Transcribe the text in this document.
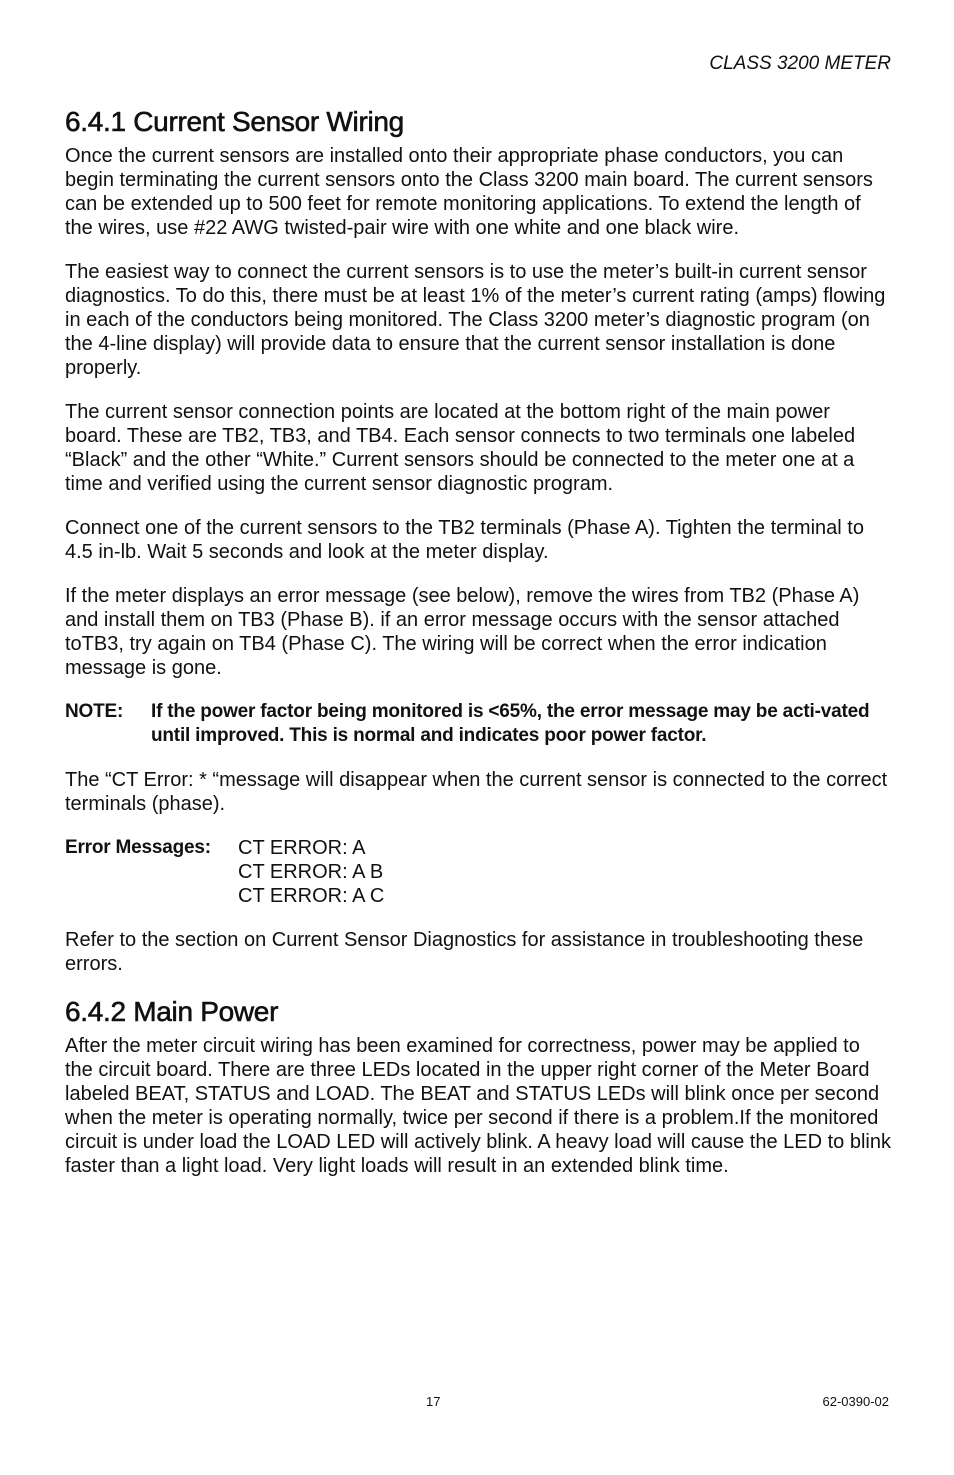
CLASS 3200 METER
6.4.1 Current Sensor Wiring

Once the current sensors are installed onto their appropriate phase conductors, you can begin terminating the current sensors onto the Class 3200 main board. The current sensors can be extended up to 500 feet for remote monitoring applications. To extend the length of the wires, use #22 AWG twisted-pair wire with one white and one black wire.

The easiest way to connect the current sensors is to use the meter’s built-in current sensor diagnostics. To do this, there must be at least 1% of the meter’s current rating (amps) flowing in each of the conductors being monitored. The Class 3200 meter’s diagnostic program (on the 4-line display) will provide data to ensure that the current sensor installation is done properly.

The current sensor connection points are located at the bottom right of the main power board. These are TB2, TB3, and TB4. Each sensor connects to two terminals one labeled “Black” and the other “White.” Current sensors should be connected to the meter one at a time and verified using the current sensor diagnostic program.

Connect one of the current sensors to the TB2 terminals (Phase A). Tighten the terminal to 4.5 in-lb. Wait 5 seconds and look at the meter display.

If the meter displays an error message (see below), remove the wires from TB2 (Phase A) and install them on TB3 (Phase B). if an error message occurs with the sensor attached toTB3, try again on TB4 (Phase C). The wiring will be correct when the error indication message is gone.

NOTE:	If the power factor being monitored is <65%, the error message may be acti-vated until improved. This is normal and indicates poor power factor.

The “CT Error: * “message will disappear when the current sensor is connected to the correct terminals (phase).

Error Messages:	CT ERROR: A
CT ERROR: A B
CT ERROR: A C

Refer to the section on Current Sensor Diagnostics for assistance in troubleshooting these errors.

6.4.2 Main Power

After the meter circuit wiring has been examined for correctness, power may be applied to the circuit board. There are three LEDs located in the upper right corner of the Meter Board labeled BEAT, STATUS and LOAD. The BEAT and STATUS LEDs will blink once per second when the meter is operating normally, twice per second if there is a problem.If the monitored circuit is under load the LOAD LED will actively blink. A heavy load will cause the LED to blink faster than a light load. Very light loads will result in an extended blink time.

17	62-0390-02
